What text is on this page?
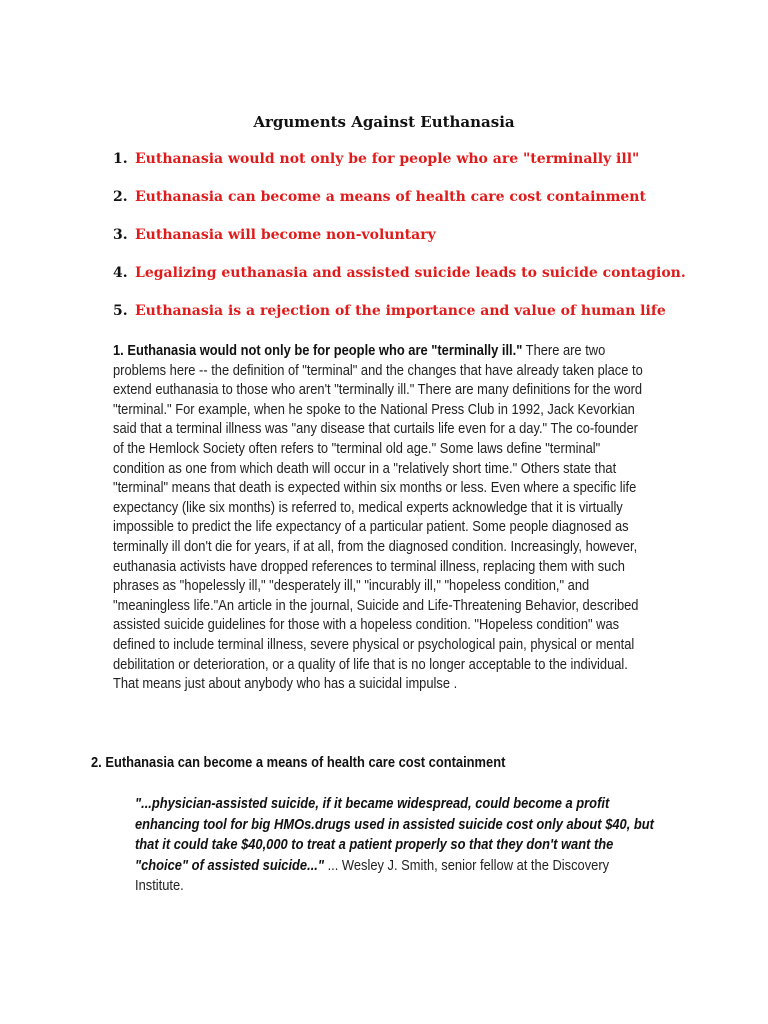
Arguments Against Euthanasia
1. Euthanasia would not only be for people who are "terminally ill"
2. Euthanasia can become a means of health care cost containment
3. Euthanasia will become non-voluntary
4. Legalizing euthanasia and assisted suicide leads to suicide contagion.
5. Euthanasia is a rejection of the importance and value of human life
1. Euthanasia would not only be for people who are "terminally ill." There are two problems here -- the definition of "terminal" and the changes that have already taken place to extend euthanasia to those who aren't "terminally ill." There are many definitions for the word "terminal." For example, when he spoke to the National Press Club in 1992, Jack Kevorkian said that a terminal illness was "any disease that curtails life even for a day." The co-founder of the Hemlock Society often refers to "terminal old age." Some laws define "terminal" condition as one from which death will occur in a "relatively short time." Others state that "terminal" means that death is expected within six months or less. Even where a specific life expectancy (like six months) is referred to, medical experts acknowledge that it is virtually impossible to predict the life expectancy of a particular patient. Some people diagnosed as terminally ill don't die for years, if at all, from the diagnosed condition. Increasingly, however, euthanasia activists have dropped references to terminal illness, replacing them with such phrases as "hopelessly ill," "desperately ill," "incurably ill," "hopeless condition," and "meaningless life."An article in the journal, Suicide and Life-Threatening Behavior, described assisted suicide guidelines for those with a hopeless condition. "Hopeless condition" was defined to include terminal illness, severe physical or psychological pain, physical or mental debilitation or deterioration, or a quality of life that is no longer acceptable to the individual. That means just about anybody who has a suicidal impulse .
2. Euthanasia can become a means of health care cost containment
"...physician-assisted suicide, if it became widespread, could become a profit enhancing tool for big HMOs.drugs used in assisted suicide cost only about $40, but that it could take $40,000 to treat a patient properly so that they don't want the "choice" of assisted suicide..." ... Wesley J. Smith, senior fellow at the Discovery Institute.
